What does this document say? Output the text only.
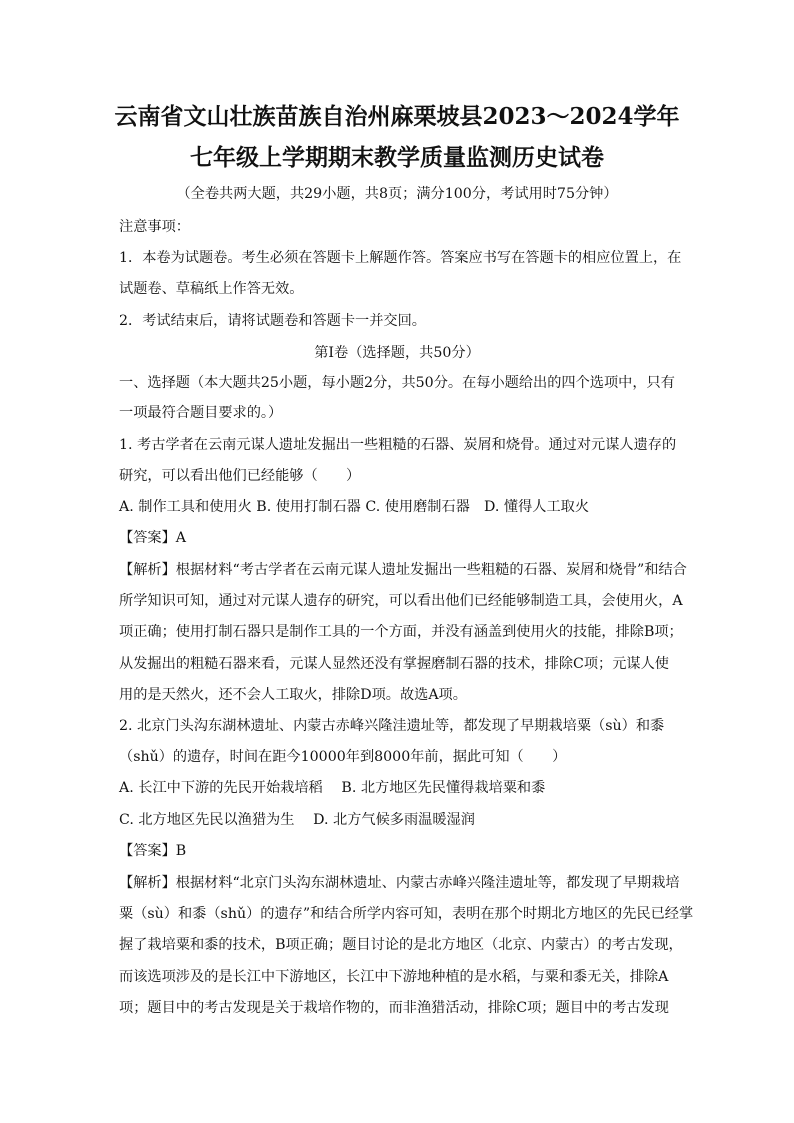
云南省文山壮族苗族自治州麻栗坡县2023～2024学年
七年级上学期期末教学质量监测历史试卷
（全卷共两大题，共29小题，共8页；满分100分，考试用时75分钟）
注意事项：
1．本卷为试题卷。考生必须在答题卡上解题作答。答案应书写在答题卡的相应位置上，在
试题卷、草稿纸上作答无效。
2．考试结束后，请将试题卷和答题卡一并交回。
第Ⅰ卷（选择题，共50分）
一、选择题（本大题共25小题，每小题2分，共50分。在每小题给出的四个选项中，只有
一项最符合题目要求的。）
1. 考古学者在云南元谋人遗址发掘出一些粗糙的石器、炭屑和烧骨。通过对元谋人遗存的
研究，可以看出他们已经能够（　　）
A. 制作工具和使用火 B. 使用打制石器 C. 使用磨制石器　D. 懂得人工取火
【答案】A
【解析】根据材料“考古学者在云南元谋人遗址发掘出一些粗糙的石器、炭屑和烧骨”和结合
所学知识可知，通过对元谋人遗存的研究，可以看出他们已经能够制造工具，会使用火，A
项正确；使用打制石器只是制作工具的一个方面，并没有涵盖到使用火的技能，排除B项；
从发掘出的粗糙石器来看，元谋人显然还没有掌握磨制石器的技术，排除C项；元谋人使
用的是天然火，还不会人工取火，排除D项。故选A项。
2. 北京门头沟东湖林遗址、内蒙古赤峰兴隆洼遗址等，都发现了早期栽培粟（sù）和黍
（shǔ）的遗存，时间在距今10000年到8000年前，据此可知（　　）
A. 长江中下游的先民开始栽培稻　 B. 北方地区先民懂得栽培粟和黍
C. 北方地区先民以渔猎为生　 D. 北方气候多雨温暖湿润
【答案】B
【解析】根据材料“北京门头沟东湖林遗址、内蒙古赤峰兴隆洼遗址等，都发现了早期栽培
粟（sù）和黍（shǔ）的遗存”和结合所学内容可知，表明在那个时期北方地区的先民已经掌
握了栽培粟和黍的技术，B项正确；题目讨论的是北方地区（北京、内蒙古）的考古发现，
而该选项涉及的是长江中下游地区，长江中下游地种植的是水稻，与粟和黍无关，排除A
项；题目中的考古发现是关于栽培作物的，而非渔猎活动，排除C项；题目中的考古发现
